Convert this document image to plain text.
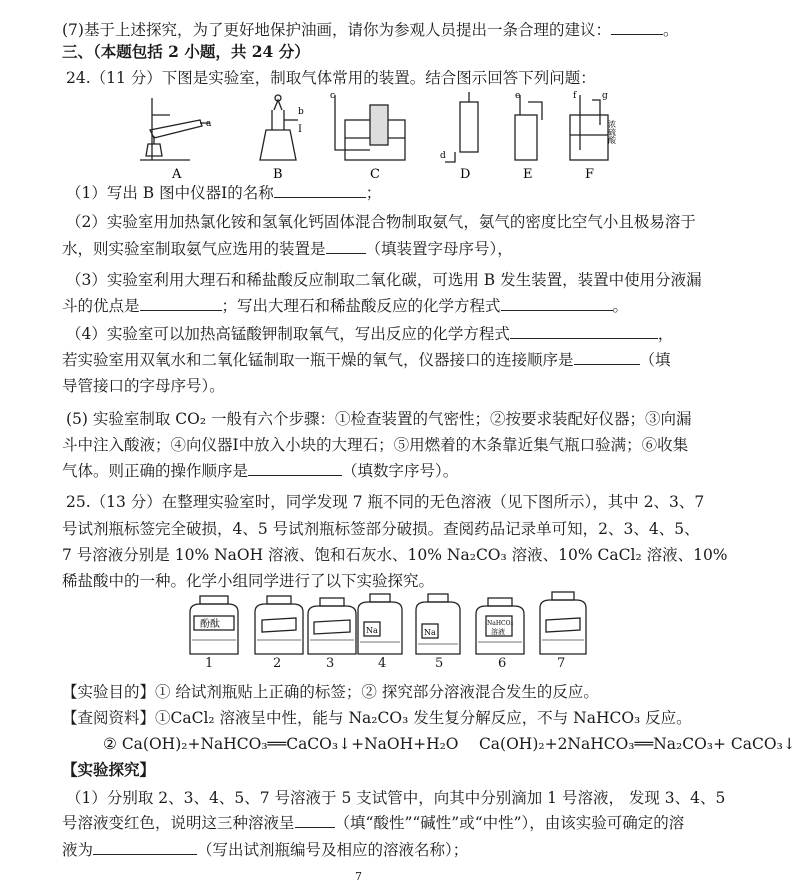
(7)基于上述探究，为了更好地保护油画，请你为参观人员提出一条合理的建议：	。
三、（本题包括 2 小题，共 24 分）
24.（11 分）下图是实验室，制取气体常用的装置。结合图示回答下列问题：
a
b
I
c
d
e	f	g
浓硫酸
A	B	C	D	E	F
（1）写出 B 图中仪器I的名称	；
（2）实验室用加热氯化铵和氢氧化钙固体混合物制取氨气，氨气的密度比空气小且极易溶于
水，则实验室制取氨气应选用的装置是	（填装置字母序号），
（3）实验室利用大理石和稀盐酸反应制取二氧化碳，可选用 B 发生装置，装置中使用分液漏
斗的优点是	；写出大理石和稀盐酸反应的化学方程式	。
（4）实验室可以加热高锰酸钾制取氧气，写出反应的化学方程式	，
若实验室用双氧水和二氧化锰制取一瓶干燥的氧气，仪器接口的连接顺序是	（填
导管接口的字母序号）。
(5) 实验室制取 CO₂ 一般有六个步骤：①检查装置的气密性；②按要求装配好仪器；③向漏
斗中注入酸液；④向仪器I中放入小块的大理石；⑤用燃着的木条靠近集气瓶口验满；⑥收集
气体。则正确的操作顺序是	（填数字序号）。
25.（13 分）在整理实验室时，同学发现 7 瓶不同的无色溶液（见下图所示），其中 2、3、7
号试剂瓶标签完全破损，4、5 号试剂瓶标签部分破损。查阅药品记录单可知，2、3、4、5、
7 号溶液分别是 10% NaOH 溶液、饱和石灰水、10% Na₂CO₃ 溶液、10% CaCl₂ 溶液、10%
稀盐酸中的一种。化学小组同学进行了以下实验探究。
酚酞
Na	Na
NaHCO₃
溶液
1	2	3	4	5	6	7
【实验目的】① 给试剂瓶贴上正确的标签；② 探究部分溶液混合发生的反应。
【查阅资料】①CaCl₂ 溶液呈中性，能与 Na₂CO₃ 发生复分解反应，不与 NaHCO₃ 反应。
② Ca(OH)₂+NaHCO₃══CaCO₃↓+NaOH+H₂O　 Ca(OH)₂+2NaHCO₃══Na₂CO₃+ CaCO₃↓
【实验探究】
（1）分别取 2、3、4、5、7 号溶液于 5 支试管中，向其中分别滴加 1 号溶液， 发现 3、4、5
号溶液变红色，说明这三种溶液呈	（填“酸性”“碱性”或“中性”），由该实验可确定的溶
液为	（写出试剂瓶编号及相应的溶液名称）；
7
